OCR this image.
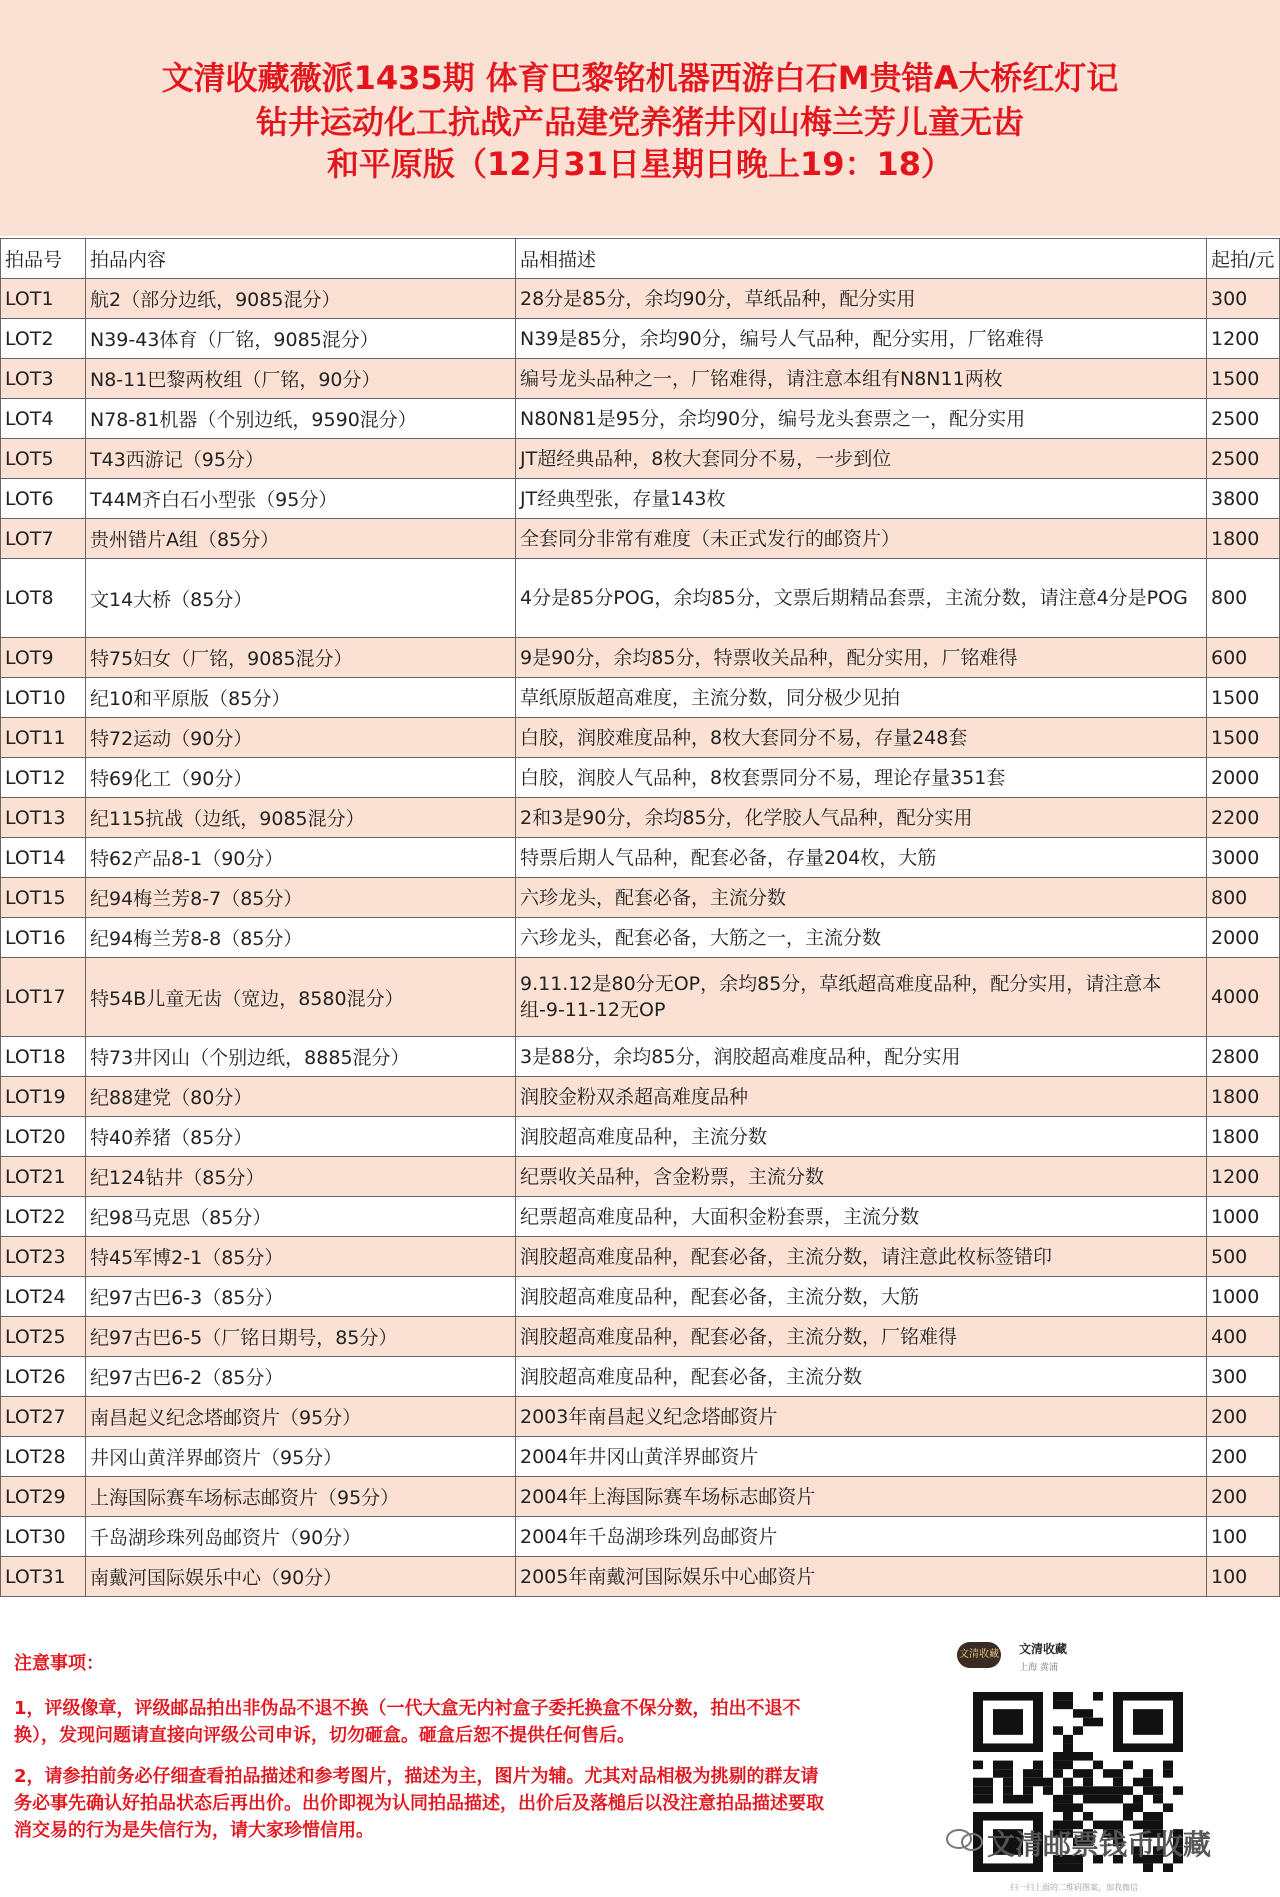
文清收藏薇派1435期 体育巴黎铭机器西游白石M贵错A大桥红灯记
钻井运动化工抗战产品建党养猪井冈山梅兰芳儿童无齿
和平原版（12月31日星期日晚上19：18）
拍品号	拍品内容	品相描述	起拍/元
LOT1	航2（部分边纸，9085混分）	28分是85分，余均90分，草纸品种，配分实用	300
LOT2	N39-43体育（厂铭，9085混分）	N39是85分，余均90分，编号人气品种，配分实用，厂铭难得	1200
LOT3	N8-11巴黎两枚组（厂铭，90分）	编号龙头品种之一，厂铭难得，请注意本组有N8N11两枚	1500
LOT4	N78-81机器（个别边纸，9590混分）	N80N81是95分，余均90分，编号龙头套票之一，配分实用	2500
LOT5	T43西游记（95分）	JT超经典品种，8枚大套同分不易，一步到位	2500
LOT6	T44M齐白石小型张（95分）	JT经典型张，存量143枚	3800
LOT7	贵州错片A组（85分）	全套同分非常有难度（未正式发行的邮资片）	1800
LOT8	文14大桥（85分）	4分是85分POG，余均85分，文票后期精品套票，主流分数，请注意4分是POG	800
LOT9	特75妇女（厂铭，9085混分）	9是90分，余均85分，特票收关品种，配分实用，厂铭难得	600
LOT10	纪10和平原版（85分）	草纸原版超高难度，主流分数，同分极少见拍	1500
LOT11	特72运动（90分）	白胶，润胶难度品种，8枚大套同分不易，存量248套	1500
LOT12	特69化工（90分）	白胶，润胶人气品种，8枚套票同分不易，理论存量351套	2000
LOT13	纪115抗战（边纸，9085混分）	2和3是90分，余均85分，化学胶人气品种，配分实用	2200
LOT14	特62产品8-1（90分）	特票后期人气品种，配套必备，存量204枚，大筋	3000
LOT15	纪94梅兰芳8-7（85分）	六珍龙头，配套必备，主流分数	800
LOT16	纪94梅兰芳8-8（85分）	六珍龙头，配套必备，大筋之一，主流分数	2000
LOT17	特54B儿童无齿（宽边，8580混分）	9.11.12是80分无OP，余均85分，草纸超高难度品种，配分实用，请注意本组-9-11-12无OP	4000
LOT18	特73井冈山（个别边纸，8885混分）	3是88分，余均85分，润胶超高难度品种，配分实用	2800
LOT19	纪88建党（80分）	润胶金粉双杀超高难度品种	1800
LOT20	特40养猪（85分）	润胶超高难度品种，主流分数	1800
LOT21	纪124钻井（85分）	纪票收关品种，含金粉票，主流分数	1200
LOT22	纪98马克思（85分）	纪票超高难度品种，大面积金粉套票，主流分数	1000
LOT23	特45军博2-1（85分）	润胶超高难度品种，配套必备，主流分数，请注意此枚标签错印	500
LOT24	纪97古巴6-3（85分）	润胶超高难度品种，配套必备，主流分数，大筋	1000
LOT25	纪97古巴6-5（厂铭日期号，85分）	润胶超高难度品种，配套必备，主流分数，厂铭难得	400
LOT26	纪97古巴6-2（85分）	润胶超高难度品种，配套必备，主流分数	300
LOT27	南昌起义纪念塔邮资片（95分）	2003年南昌起义纪念塔邮资片	200
LOT28	井冈山黄洋界邮资片（95分）	2004年井冈山黄洋界邮资片	200
LOT29	上海国际赛车场标志邮资片（95分）	2004年上海国际赛车场标志邮资片	200
LOT30	千岛湖珍珠列岛邮资片（90分）	2004年千岛湖珍珠列岛邮资片	100
LOT31	南戴河国际娱乐中心（90分）	2005年南戴河国际娱乐中心邮资片	100

注意事项：

1，评级像章，评级邮品拍出非伪品不退不换（一代大盒无内衬盒子委托换盒不保分数，拍出不退不换），发现问题请直接向评级公司申诉，切勿砸盒。砸盒后恕不提供任何售后。

2，请参拍前务必仔细查看拍品描述和参考图片，描述为主，图片为辅。尤其对品相极为挑剔的群友请务必事先确认好拍品状态后再出价。出价即视为认同拍品描述，出价后及落槌后以没注意拍品描述要取消交易的行为是失信行为，请大家珍惜信用。

文清收藏 文清收藏
上海 黄浦
文清邮票钱币收藏
扫一扫上面的二维码图案，加我微信
